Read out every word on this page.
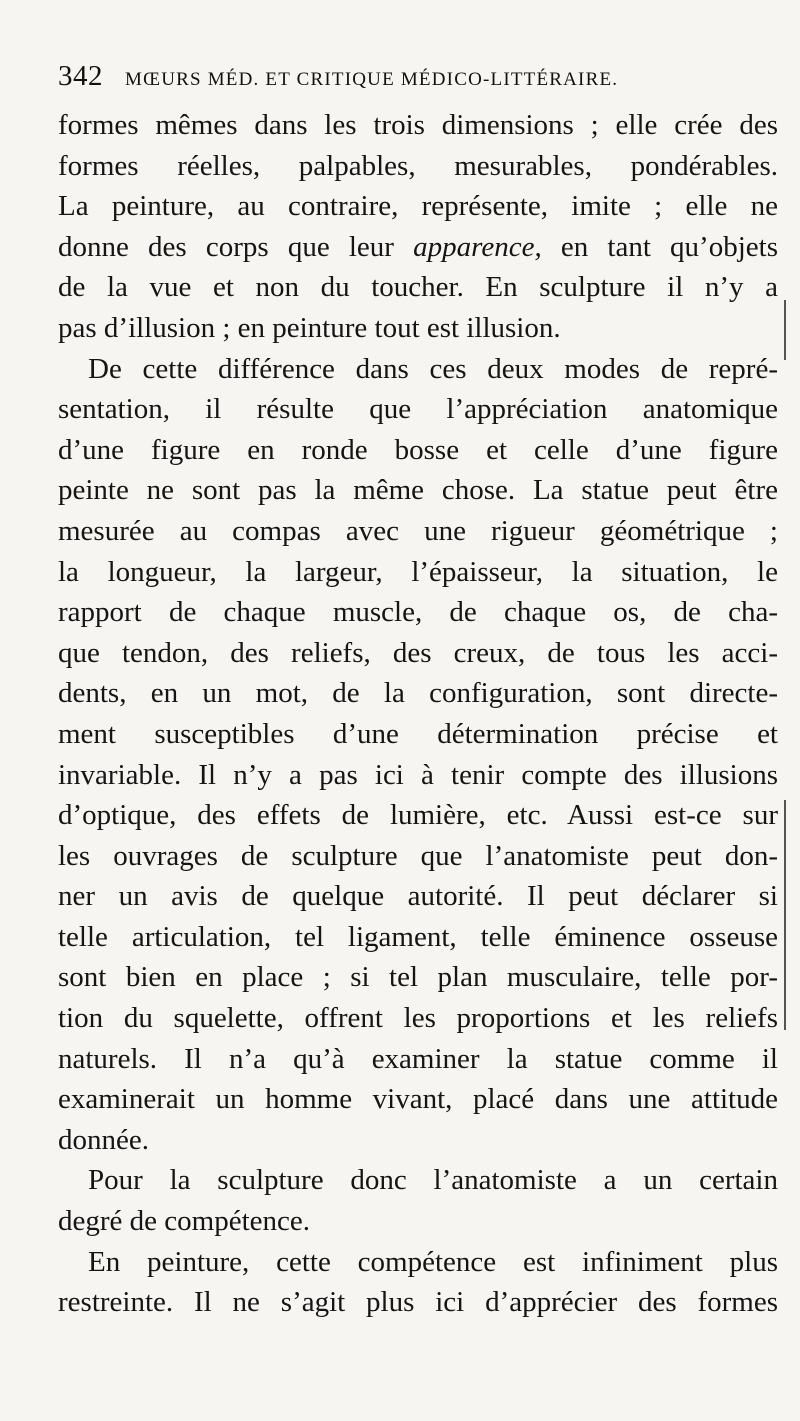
342 MŒURS MÉD. ET CRITIQUE MÉDICO-LITTÉRAIRE.
formes mêmes dans les trois dimensions ; elle crée des
formes réelles, palpables, mesurables, pondérables.
La peinture, au contraire, représente, imite ; elle ne
donne des corps que leur apparence, en tant qu’objets
de la vue et non du toucher. En sculpture il n’y a
pas d’illusion ; en peinture tout est illusion.
De cette différence dans ces deux modes de repré-
sentation, il résulte que l’appréciation anatomique
d’une figure en ronde bosse et celle d’une figure
peinte ne sont pas la même chose. La statue peut être
mesurée au compas avec une rigueur géométrique ;
la longueur, la largeur, l’épaisseur, la situation, le
rapport de chaque muscle, de chaque os, de cha-
que tendon, des reliefs, des creux, de tous les acci-
dents, en un mot, de la configuration, sont directe-
ment susceptibles d’une détermination précise et
invariable. Il n’y a pas ici à tenir compte des illusions
d’optique, des effets de lumière, etc. Aussi est-ce sur
les ouvrages de sculpture que l’anatomiste peut don-
ner un avis de quelque autorité. Il peut déclarer si
telle articulation, tel ligament, telle éminence osseuse
sont bien en place ; si tel plan musculaire, telle por-
tion du squelette, offrent les proportions et les reliefs
naturels. Il n’a qu’à examiner la statue comme il
examinerait un homme vivant, placé dans une attitude
donnée.
Pour la sculpture donc l’anatomiste a un certain
degré de compétence.
En peinture, cette compétence est infiniment plus
restreinte. Il ne s’agit plus ici d’apprécier des formes
